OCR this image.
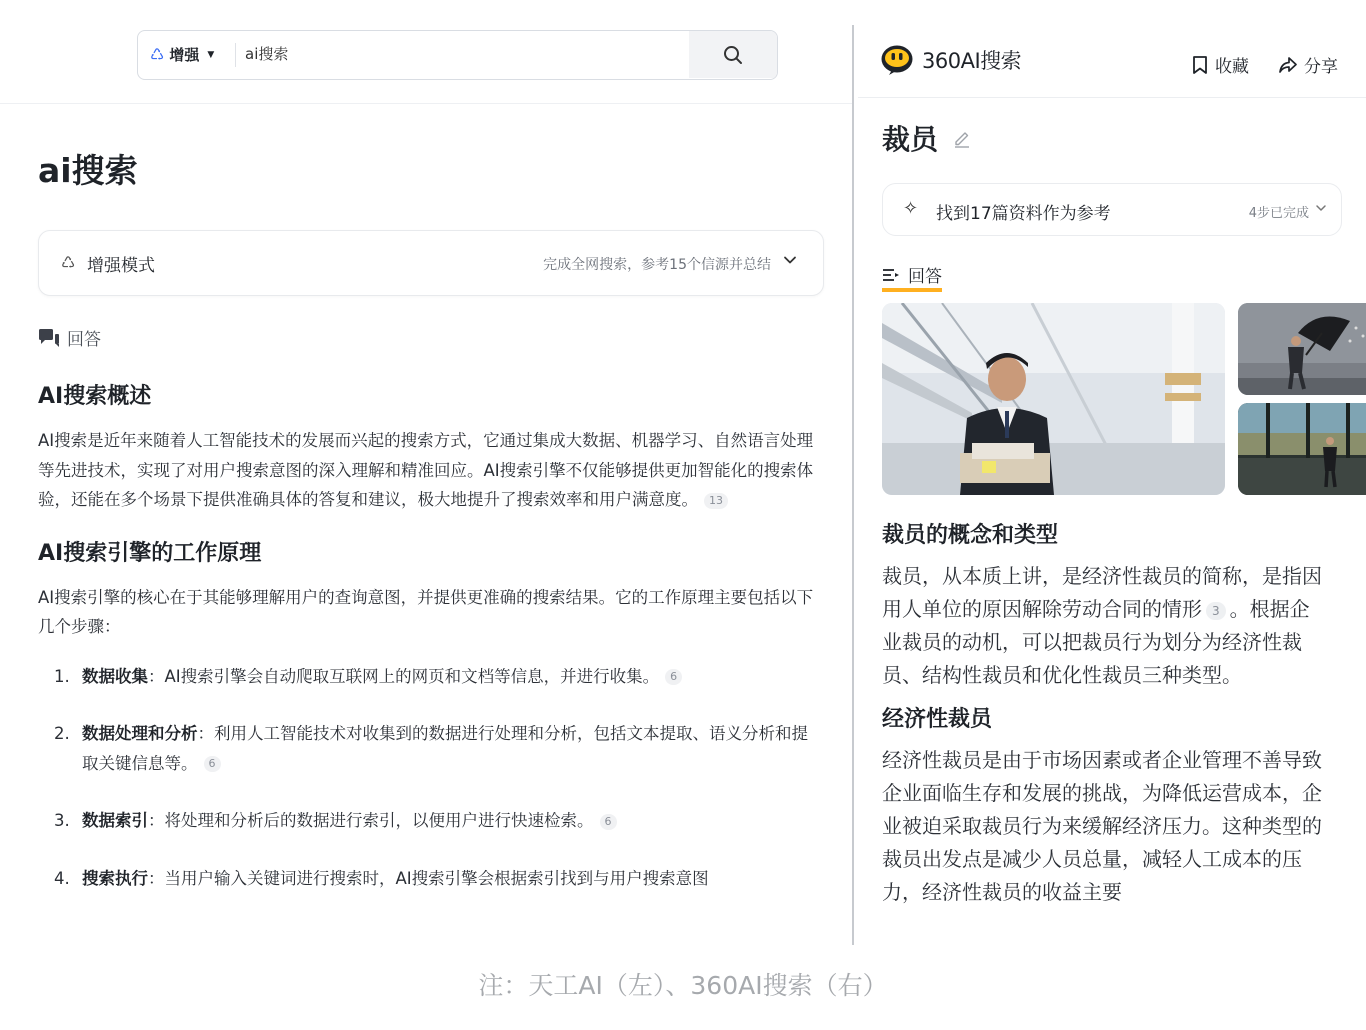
♺ 增强 ▼ ai搜索
ai搜索
♺ 增强模式	完成全网搜索，参考15个信源并总结
回答
AI搜索概述

AI搜索是近年来随着人工智能技术的发展而兴起的搜索方式，它通过集成大数据、机器学习、自然语言处理等先进技术，实现了对用户搜索意图的深入理解和精准回应。AI搜索引擎不仅能够提供更加智能化的搜索体验，还能在多个场景下提供准确具体的答复和建议，极大地提升了搜索效率和用户满意度。 13

AI搜索引擎的工作原理

AI搜索引擎的核心在于其能够理解用户的查询意图，并提供更准确的搜索结果。它的工作原理主要包括以下几个步骤：

1. 数据收集：AI搜索引擎会自动爬取互联网上的网页和文档等信息，并进行收集。 6
2. 数据处理和分析：利用人工智能技术对收集到的数据进行处理和分析，包括文本提取、语义分析和提取关键信息等。 6
3. 数据索引：将处理和分析后的数据进行索引，以便用户进行快速检索。 6
4. 搜索执行：当用户输入关键词进行搜索时，AI搜索引擎会根据索引找到与用户搜索意图
360AI搜索	收藏	分享
裁员
✧ 找到17篇资料作为参考	4步已完成
回答
裁员的概念和类型

裁员，从本质上讲，是经济性裁员的简称，是指因用人单位的原因解除劳动合同的情形 3 。根据企业裁员的动机，可以把裁员行为划分为经济性裁员、结构性裁员和优化性裁员三种类型。

经济性裁员

经济性裁员是由于市场因素或者企业管理不善导致企业面临生存和发展的挑战，为降低运营成本，企业被迫采取裁员行为来缓解经济压力。这种类型的裁员出发点是减少人员总量，减轻人工成本的压力，经济性裁员的收益主要

注：天工AI（左）、360AI搜索（右）
